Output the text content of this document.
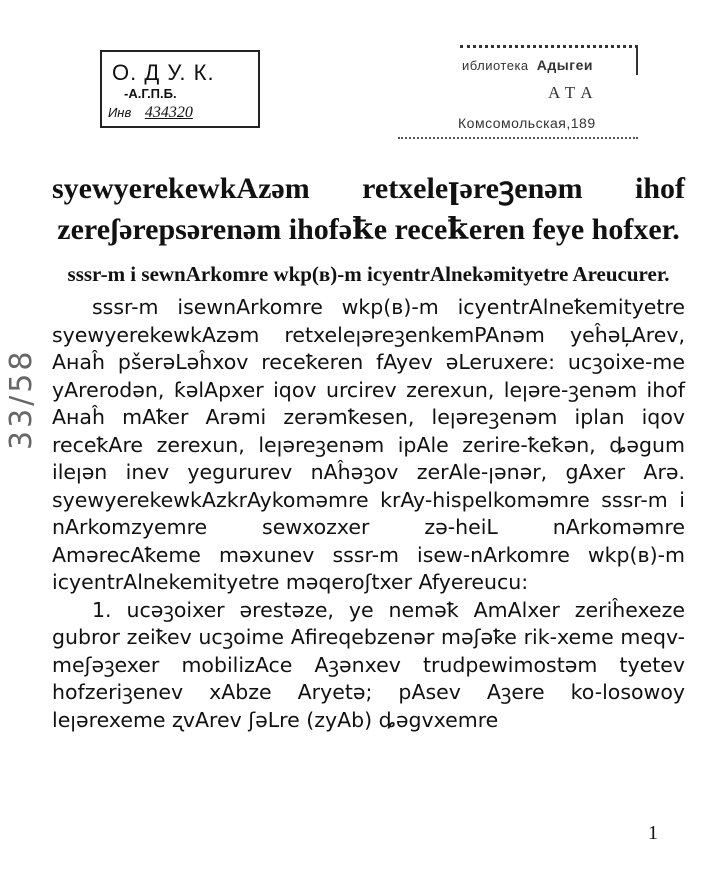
О. Д У. К.
-А.Г.П.Б.
Инв 434320
иблиотека Адыгеи
АТА
Комсомольская,189
33/58
syewyerekewkAzəm retxeleꞁəreꝫenəm ihof zereʃərepsərenəm ihofəꝁe receꝁeren feye hofxer.
sssr-m i sewnArkomre wkp(в)-m icyentrAlnekəmityetre Areucurer.

sssr-m isewnArkomre wkp(в)-m icyentrAlneꝁemityetre syewyerekewkAzəm retxeleꞁəreꝫenkemPAnəm yeĥəĻArev, Aнаĥ pšerəLəĥxov receꝁeren fAyev əLeruxere: ucꝫoixe-me yArerodən, ƙəlApxer iqov urcirev zerexun, leꞁəre-ꝫenəm ihof Aнаĥ mAꝁer Arəmi zerəmꝁesen, leꞁəreꝫenəm iplan iqov receꝁAre zerexun, leꞁəreꝫenəm ipAle zerire-ꝁeꝁən, ȡəgum ileꞁən inev yegururev nAĥəꝫov zerAle-ꞁənər, gAxer Arə. syewyerekewkAzkrAykoməmre krAy-hispelkoməmre sssr-m i nArkomzyemre sewxozxer zə-heiL nArkoməmre AmərecAꝁeme məxunev sssr-m isew-nArkomre wkp(в)-m icyentrAlnekemityetre məqeroʃtxer Afyereucu:

1. ucəꝫoixer ərestəze, ye neməꝁ AmAlxer zeriĥexeze gubror zeiꝁev ucꝫoime Afireqebzenər məʃəꝁe rik-xeme meqv-meʃəꝫexer mobilizAce Aꝫənxev trudpewimostəm tyetev hofzeriꝫenev xAbze Aryetə; pAsev Aꝫere ko-losowoy leꞁərexeme ʐvArev ʃəLre (zyAb) ȡəgvxemre

1
